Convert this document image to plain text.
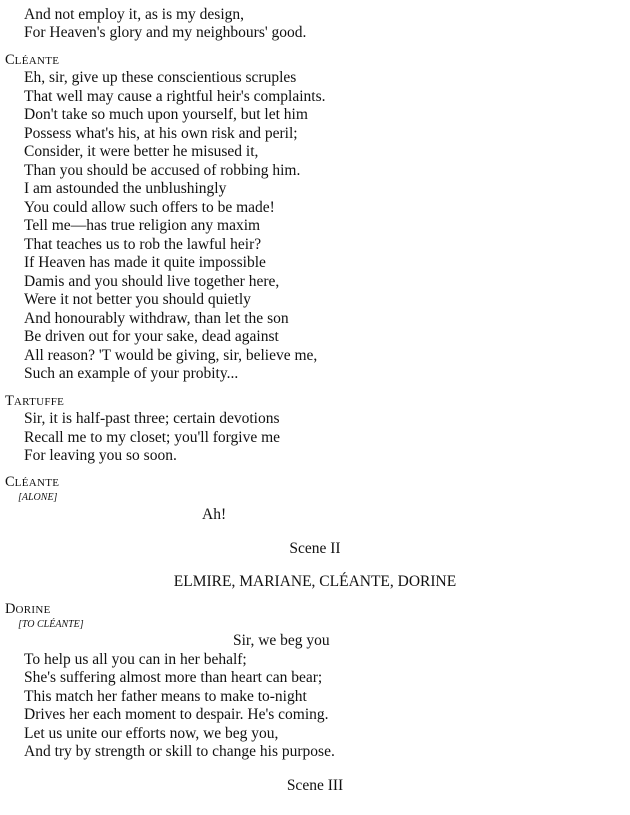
And not employ it, as is my design,
For Heaven's glory and my neighbours' good.
CLÉANTE
Eh, sir, give up these conscientious scruples
That well may cause a rightful heir's complaints.
Don't take so much upon yourself, but let him
Possess what's his, at his own risk and peril;
Consider, it were better he misused it,
Than you should be accused of robbing him.
I am astounded the unblushingly
You could allow such offers to be made!
Tell me—has true religion any maxim
That teaches us to rob the lawful heir?
If Heaven has made it quite impossible
Damis and you should live together here,
Were it not better you should quietly
And honourably withdraw, than let the son
Be driven out for your sake, dead against
All reason? 'T would be giving, sir, believe me,
Such an example of your probity...
TARTUFFE
Sir, it is half-past three; certain devotions
Recall me to my closet; you'll forgive me
For leaving you so soon.
CLÉANTE
[ALONE]
Ah!
Scene II
ELMIRE, MARIANE, CLÉANTE, DORINE
DORINE
[TO CLÉANTE]
Sir, we beg you
To help us all you can in her behalf;
She's suffering almost more than heart can bear;
This match her father means to make to-night
Drives her each moment to despair. He's coming.
Let us unite our efforts now, we beg you,
And try by strength or skill to change his purpose.
Scene III
